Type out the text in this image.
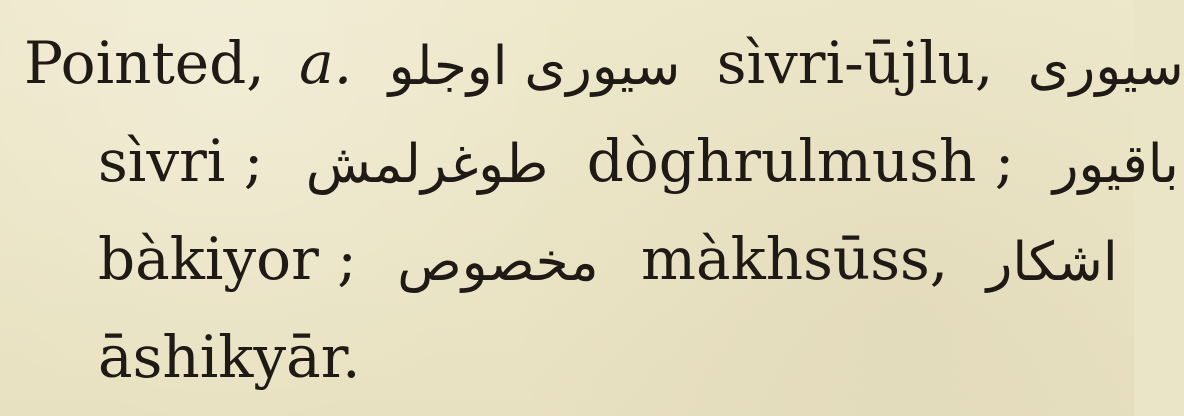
Pointed, a. سیوری اوجلو sìvri-ūjlu, سیوری
sìvri ; طوغرلمش dòghrulmush ; باقیور
bàkiyor ; مخصوص màkhsūss, اشکار
āshikyār.
